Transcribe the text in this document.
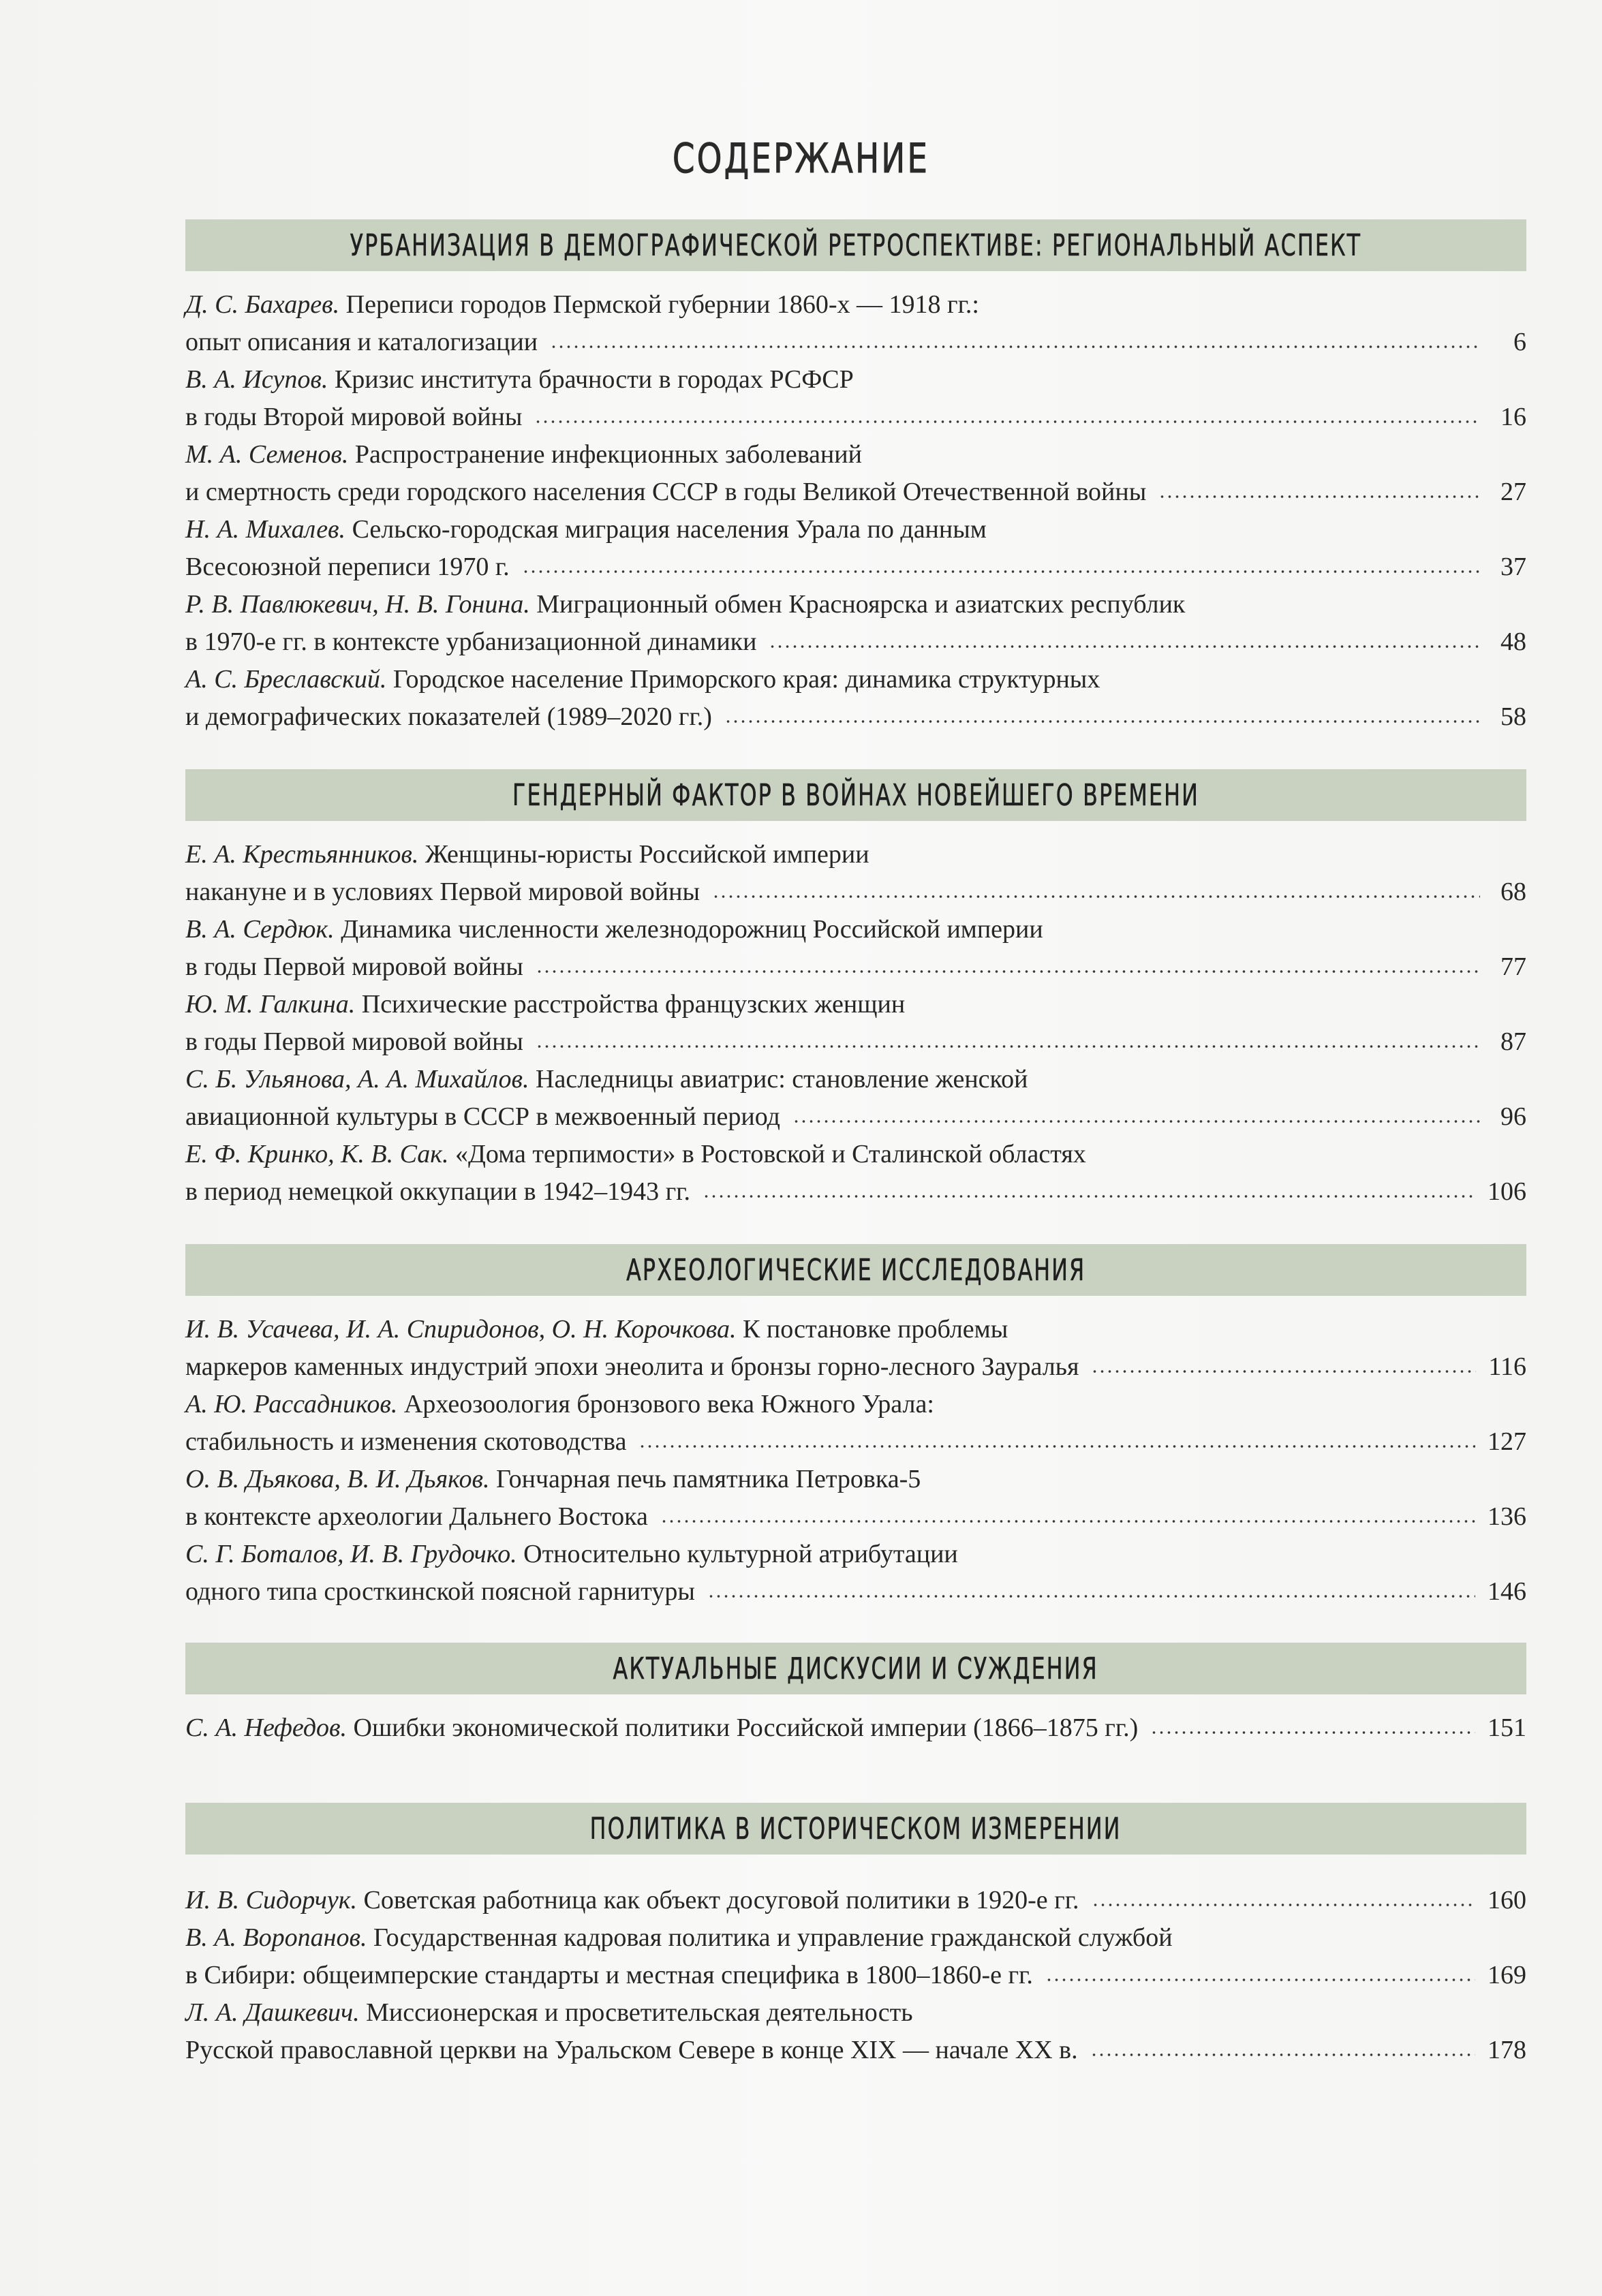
СОДЕРЖАНИЕ
УРБАНИЗАЦИЯ В ДЕМОГРАФИЧЕСКОЙ РЕТРОСПЕКТИВЕ: РЕГИОНАЛЬНЫЙ АСПЕКТ
Д. С. Бахарев. Переписи городов Пермской губернии 1860-х — 1918 гг.:
опыт описания и каталогизации	6
В. А. Исупов. Кризис института брачности в городах РСФСР
в годы Второй мировой войны	16
М. А. Семенов. Распространение инфекционных заболеваний
и смертность среди городского населения СССР в годы Великой Отечественной войны	27
Н. А. Михалев. Сельско-городская миграция населения Урала по данным
Всесоюзной переписи 1970 г.	37
Р. В. Павлюкевич, Н. В. Гонина. Миграционный обмен Красноярска и азиатских республик
в 1970-е гг. в контексте урбанизационной динамики	48
А. С. Бреславский. Городское население Приморского края: динамика структурных
и демографических показателей (1989–2020 гг.)	58
ГЕНДЕРНЫЙ ФАКТОР В ВОЙНАХ НОВЕЙШЕГО ВРЕМЕНИ
Е. А. Крестьянников. Женщины-юристы Российской империи
накануне и в условиях Первой мировой войны	68
В. А. Сердюк. Динамика численности железнодорожниц Российской империи
в годы Первой мировой войны	77
Ю. М. Галкина. Психические расстройства французских женщин
в годы Первой мировой войны	87
С. Б. Ульянова, А. А. Михайлов. Наследницы авиатрис: становление женской
авиационной культуры в СССР в межвоенный период	96
Е. Ф. Кринко, К. В. Сак. «Дома терпимости» в Ростовской и Сталинской областях
в период немецкой оккупации в 1942–1943 гг.	106
АРХЕОЛОГИЧЕСКИЕ ИССЛЕДОВАНИЯ
И. В. Усачева, И. А. Спиридонов, О. Н. Корочкова. К постановке проблемы
маркеров каменных индустрий эпохи энеолита и бронзы горно-лесного Зауралья	116
А. Ю. Рассадников. Археозоология бронзового века Южного Урала:
стабильность и изменения скотоводства	127
О. В. Дьякова, В. И. Дьяков. Гончарная печь памятника Петровка-5
в контексте археологии Дальнего Востока	136
С. Г. Боталов, И. В. Грудочко. Относительно культурной атрибутации
одного типа сросткинской поясной гарнитуры	146
АКТУАЛЬНЫЕ ДИСКУСИИ И СУЖДЕНИЯ
С. А. Нефедов.
Ошибки экономической политики Российской империи (1866–1875 гг.)	151
ПОЛИТИКА В ИСТОРИЧЕСКОМ ИЗМЕРЕНИИ
И. В. Сидорчук.
Советская работница как объект досуговой политики в 1920-е гг.	160
В. А. Воропанов. Государственная кадровая политика и управление гражданской службой
в Сибири: общеимперские стандарты и местная специфика в 1800–1860-е гг.	169
Л. А. Дашкевич. Миссионерская и просветительская деятельность
Русской православной церкви на Уральском Севере в конце XIX — начале XX в.	178
